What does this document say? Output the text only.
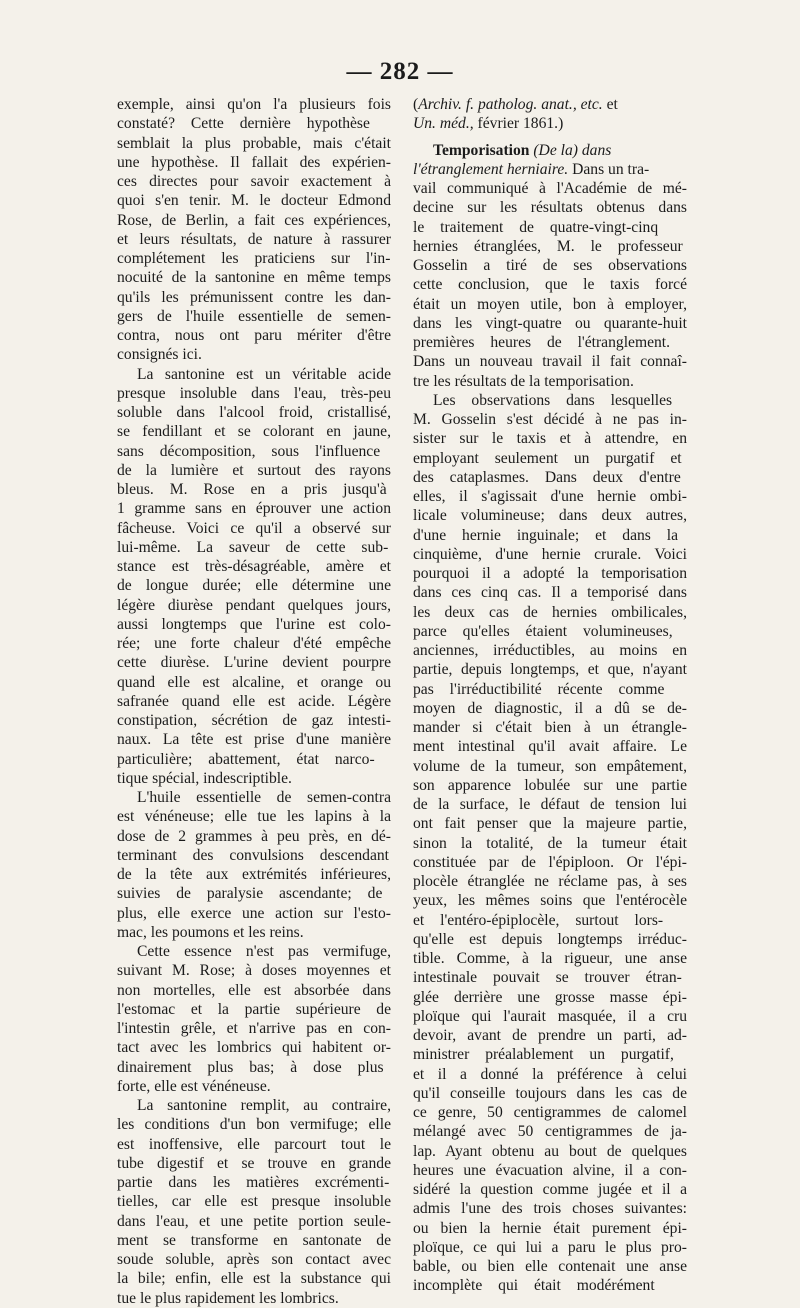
— 282 —
exemple, ainsi qu'on l'a plusieurs fois
constaté? Cette dernière hypothèse
semblait la plus probable, mais c'était
une hypothèse. Il fallait des expérien-
ces directes pour savoir exactement à
quoi s'en tenir. M. le docteur Edmond
Rose, de Berlin, a fait ces expériences,
et leurs résultats, de nature à rassurer
complétement les praticiens sur l'in-
nocuité de la santonine en même temps
qu'ils les prémunissent contre les dan-
gers de l'huile essentielle de semen-
contra, nous ont paru mériter d'être
consignés ici.
La santonine est un véritable acide
presque insoluble dans l'eau, très-peu
soluble dans l'alcool froid, cristallisé,
se fendillant et se colorant en jaune,
sans décomposition, sous l'influence
de la lumière et surtout des rayons
bleus. M. Rose en a pris jusqu'à
1 gramme sans en éprouver une action
fâcheuse. Voici ce qu'il a observé sur
lui-même. La saveur de cette sub-
stance est très-désagréable, amère et
de longue durée; elle détermine une
légère diurèse pendant quelques jours,
aussi longtemps que l'urine est colo-
rée; une forte chaleur d'été empêche
cette diurèse. L'urine devient pourpre
quand elle est alcaline, et orange ou
safranée quand elle est acide. Légère
constipation, sécrétion de gaz intesti-
naux. La tête est prise d'une manière
particulière; abattement, état narco-
tique spécial, indescriptible.
L'huile essentielle de semen-contra
est vénéneuse; elle tue les lapins à la
dose de 2 grammes à peu près, en dé-
terminant des convulsions descendant
de la tête aux extrémités inférieures,
suivies de paralysie ascendante; de
plus, elle exerce une action sur l'esto-
mac, les poumons et les reins.
Cette essence n'est pas vermifuge,
suivant M. Rose; à doses moyennes et
non mortelles, elle est absorbée dans
l'estomac et la partie supérieure de
l'intestin grêle, et n'arrive pas en con-
tact avec les lombrics qui habitent or-
dinairement plus bas; à dose plus
forte, elle est vénéneuse.
La santonine remplit, au contraire,
les conditions d'un bon vermifuge; elle
est inoffensive, elle parcourt tout le
tube digestif et se trouve en grande
partie dans les matières excrémenti-
tielles, car elle est presque insoluble
dans l'eau, et une petite portion seule-
ment se transforme en santonate de
soude soluble, après son contact avec
la bile; enfin, elle est la substance qui
tue le plus rapidement les lombrics.
(Archiv. f. patholog. anat., etc. et
Un. méd., février 1861.)
Temporisation (De la) dans
l'étranglement herniaire. Dans un tra-
vail communiqué à l'Académie de mé-
decine sur les résultats obtenus dans
le traitement de quatre-vingt-cinq
hernies étranglées, M. le professeur
Gosselin a tiré de ses observations
cette conclusion, que le taxis forcé
était un moyen utile, bon à employer,
dans les vingt-quatre ou quarante-huit
premières heures de l'étranglement.
Dans un nouveau travail il fait connaî-
tre les résultats de la temporisation.
Les observations dans lesquelles
M. Gosselin s'est décidé à ne pas in-
sister sur le taxis et à attendre, en
employant seulement un purgatif et
des cataplasmes. Dans deux d'entre
elles, il s'agissait d'une hernie ombi-
licale volumineuse; dans deux autres,
d'une hernie inguinale; et dans la
cinquième, d'une hernie crurale. Voici
pourquoi il a adopté la temporisation
dans ces cinq cas. Il a temporisé dans
les deux cas de hernies ombilicales,
parce qu'elles étaient volumineuses,
anciennes, irréductibles, au moins en
partie, depuis longtemps, et que, n'ayant
pas l'irréductibilité récente comme
moyen de diagnostic, il a dû se de-
mander si c'était bien à un étrangle-
ment intestinal qu'il avait affaire. Le
volume de la tumeur, son empâtement,
son apparence lobulée sur une partie
de la surface, le défaut de tension lui
ont fait penser que la majeure partie,
sinon la totalité, de la tumeur était
constituée par de l'épiploon. Or l'épi-
plocèle étranglée ne réclame pas, à ses
yeux, les mêmes soins que l'entérocèle
et l'entéro-épiplocèle, surtout lors-
qu'elle est depuis longtemps irréduc-
tible. Comme, à la rigueur, une anse
intestinale pouvait se trouver étran-
glée derrière une grosse masse épi-
ploïque qui l'aurait masquée, il a cru
devoir, avant de prendre un parti, ad-
ministrer préalablement un purgatif,
et il a donné la préférence à celui
qu'il conseille toujours dans les cas de
ce genre, 50 centigrammes de calomel
mélangé avec 50 centigrammes de ja-
lap. Ayant obtenu au bout de quelques
heures une évacuation alvine, il a con-
sidéré la question comme jugée et il a
admis l'une des trois choses suivantes:
ou bien la hernie était purement épi-
ploïque, ce qui lui a paru le plus pro-
bable, ou bien elle contenait une anse
incomplète qui était modérément
